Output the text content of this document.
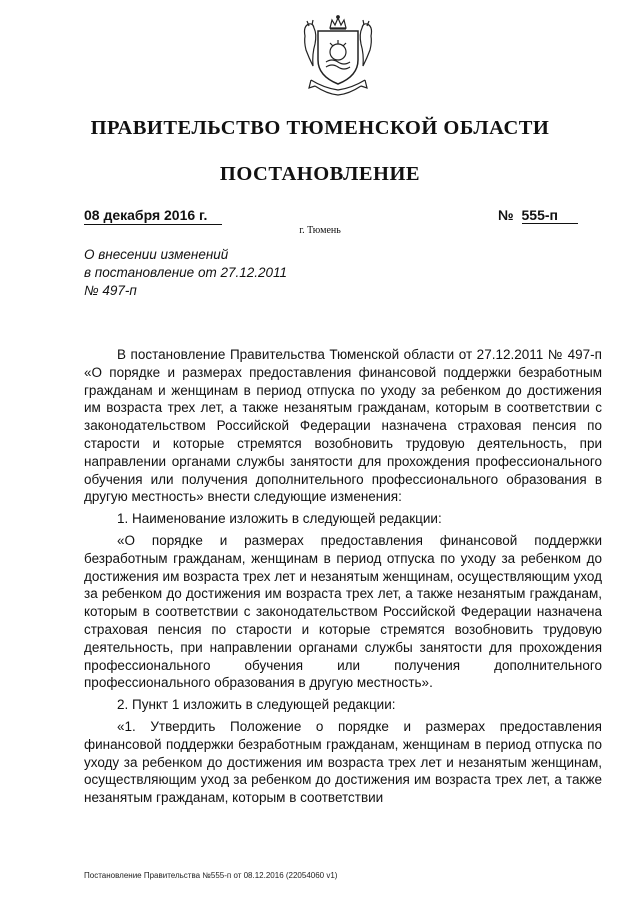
ПРАВИТЕЛЬСТВО ТЮМЕНСКОЙ ОБЛАСТИ
ПОСТАНОВЛЕНИЕ
08 декабря 2016 г.	№ 555-п
г. Тюмень
О внесении изменений
в постановление от 27.12.2011
№ 497-п

В постановление Правительства Тюменской области от 27.12.2011 № 497-п «О порядке и размерах предоставления финансовой поддержки безработным гражданам и женщинам в период отпуска по уходу за ребенком до достижения им возраста трех лет, а также незанятым гражданам, которым в соответствии с законодательством Российской Федерации назначена страховая пенсия по старости и которые стремятся возобновить трудовую деятельность, при направлении органами службы занятости для прохождения профессионального обучения или получения дополнительного профессионального образования в другую местность» внести следующие изменения:

1. Наименование изложить в следующей редакции:

«О порядке и размерах предоставления финансовой поддержки безработным гражданам, женщинам в период отпуска по уходу за ребенком до достижения им возраста трех лет и незанятым женщинам, осуществляющим уход за ребенком до достижения им возраста трех лет, а также незанятым гражданам, которым в соответствии с законодательством Российской Федерации назначена страховая пенсия по старости и которые стремятся возобновить трудовую деятельность, при направлении органами службы занятости для прохождения профессионального обучения или получения дополнительного профессионального образования в другую местность».

2. Пункт 1 изложить в следующей редакции:

«1. Утвердить Положение о порядке и размерах предоставления финансовой поддержки безработным гражданам, женщинам в период отпуска по уходу за ребенком до достижения им возраста трех лет и незанятым женщинам, осуществляющим уход за ребенком до достижения им возраста трех лет, а также незанятым гражданам, которым в соответствии

Постановление Правительства №555-п от 08.12.2016 (22054060 v1)
